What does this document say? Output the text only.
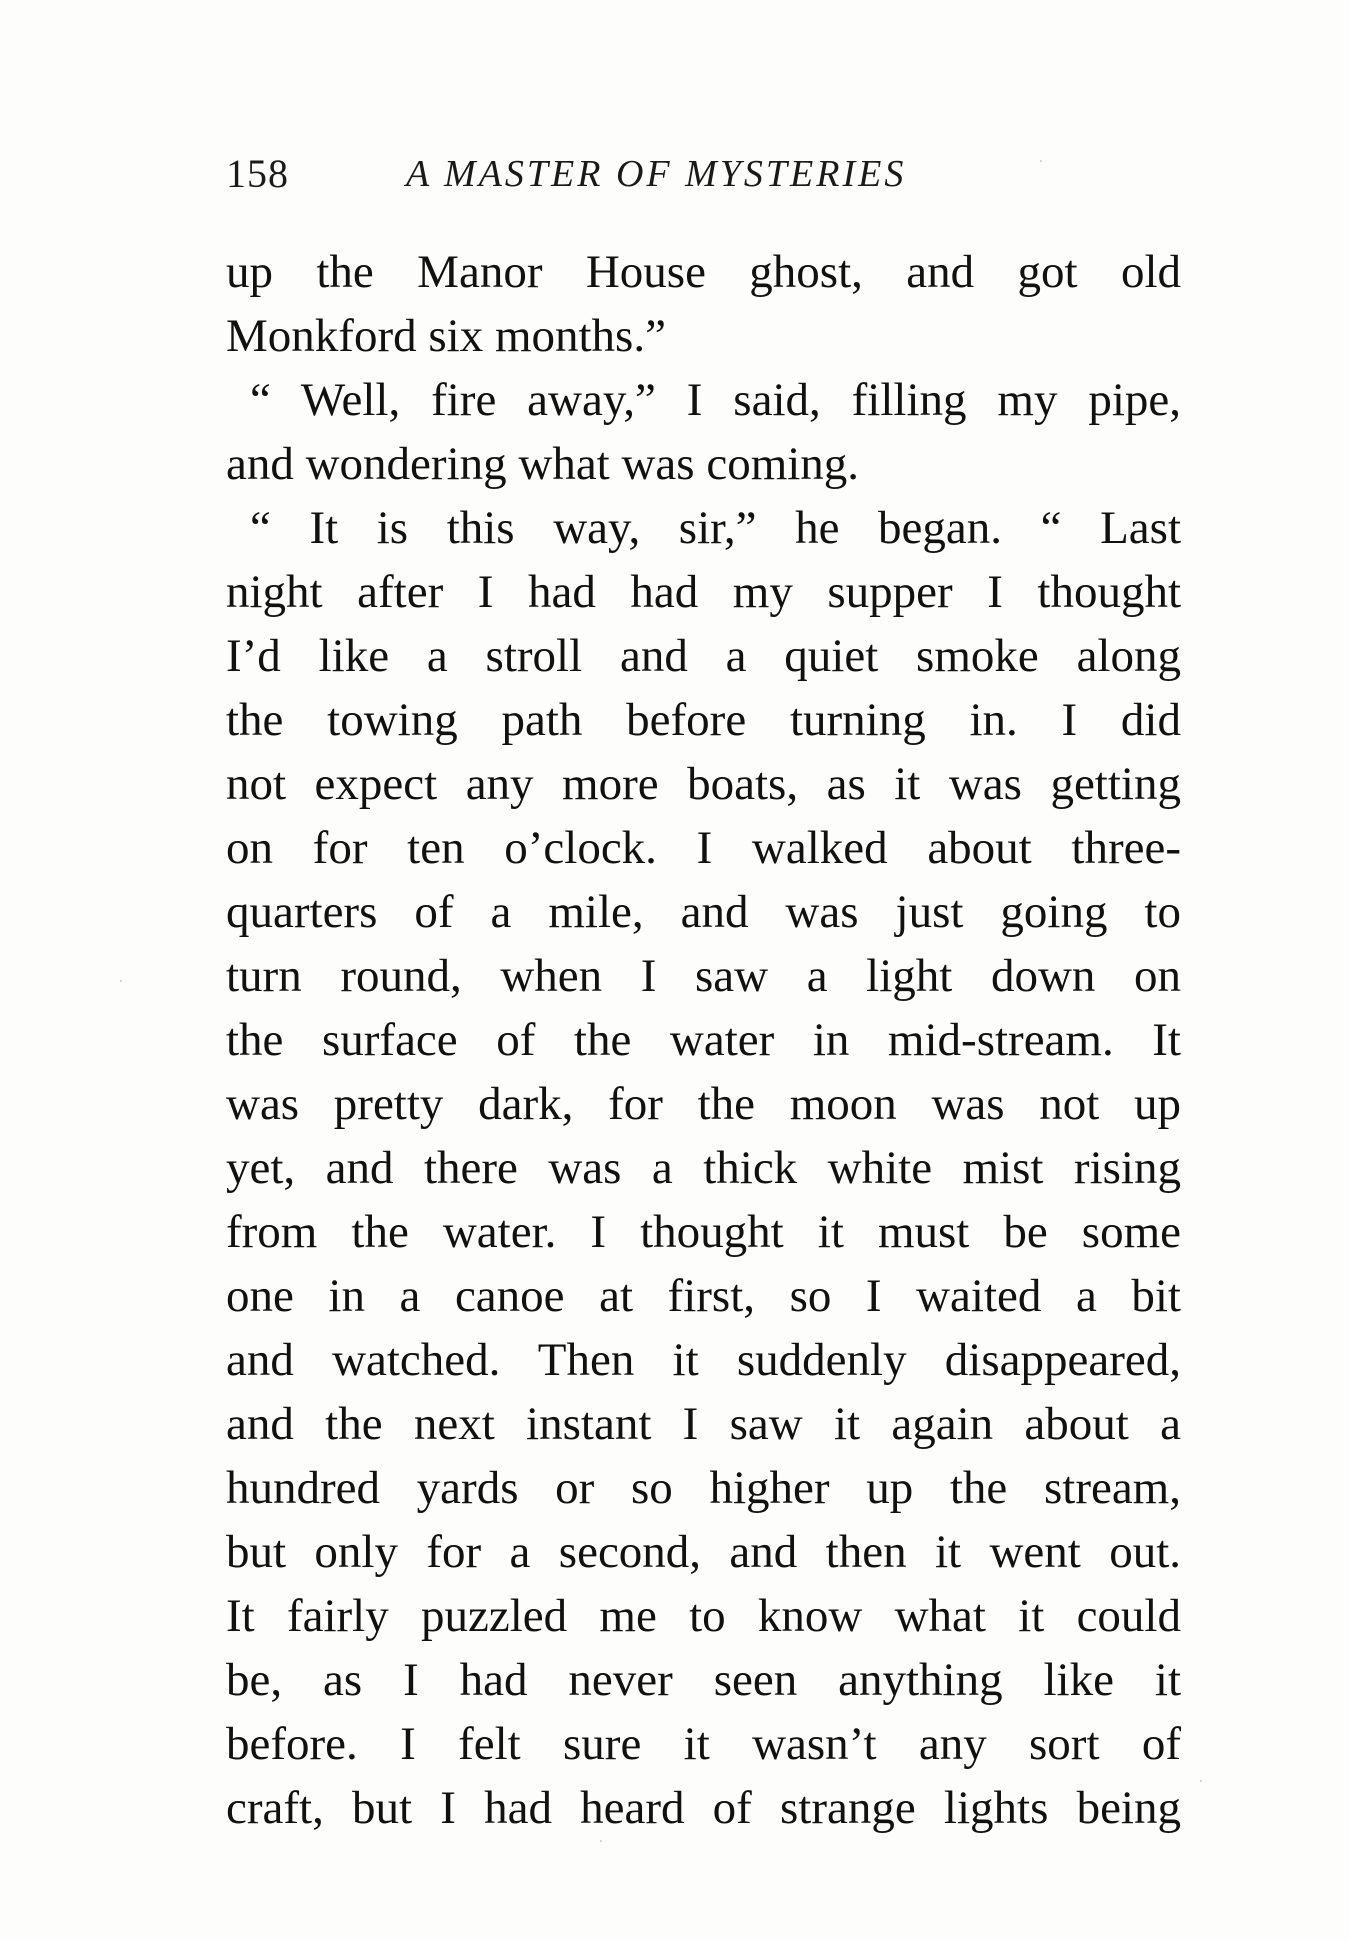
158	A MASTER OF MYSTERIES
up the Manor House ghost, and got old
Monkford six months.”
“ Well, fire away,” I said, filling my pipe,
and wondering what was coming.
“ It is this way, sir,” he began. “ Last
night after I had had my supper I thought
I’d like a stroll and a quiet smoke along
the towing path before turning in. I did
not expect any more boats, as it was getting
on for ten o’clock. I walked about three-
quarters of a mile, and was just going to
turn round, when I saw a light down on
the surface of the water in mid-stream. It
was pretty dark, for the moon was not up
yet, and there was a thick white mist rising
from the water. I thought it must be some
one in a canoe at first, so I waited a bit
and watched. Then it suddenly disappeared,
and the next instant I saw it again about a
hundred yards or so higher up the stream,
but only for a second, and then it went out.
It fairly puzzled me to know what it could
be, as I had never seen anything like it
before. I felt sure it wasn’t any sort of
craft, but I had heard of strange lights being
